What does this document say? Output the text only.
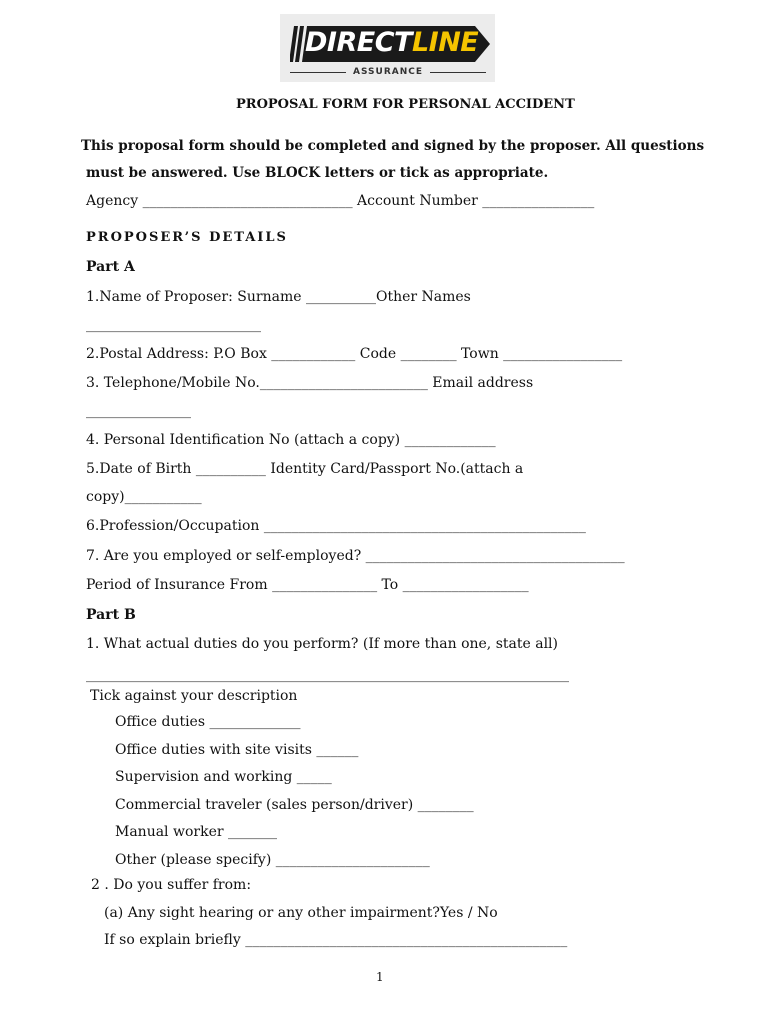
DIRECTLINE
ASSURANCE
PROPOSAL FORM FOR PERSONAL ACCIDENT
This proposal form should be completed and signed by the proposer. All questions
must be answered. Use BLOCK letters or tick as appropriate.
Agency ______________________________ Account Number ________________
PROPOSER’S DETAILS
Part A
1.Name of Proposer: Surname __________Other Names
_________________________
2.Postal Address: P.O Box ____________ Code ________ Town _________________
3. Telephone/Mobile No.________________________ Email address
_______________
4. Personal Identification No (attach a copy) _____________
5.Date of Birth __________ Identity Card/Passport No.(attach a
copy)___________
6.Profession/Occupation ______________________________________________
7. Are you employed or self-employed? _____________________________________
Period of Insurance From _______________ To __________________
Part B
1. What actual duties do you perform? (If more than one, state all)
_____________________________________________________________________
Tick against your description
Office duties _____________
Office duties with site visits ______
Supervision and working _____
Commercial traveler (sales person/driver) ________
Manual worker _______
Other (please specify) ______________________
2 . Do you suffer from:
(a) Any sight hearing or any other impairment?Yes / No
If so explain briefly ______________________________________________
1
